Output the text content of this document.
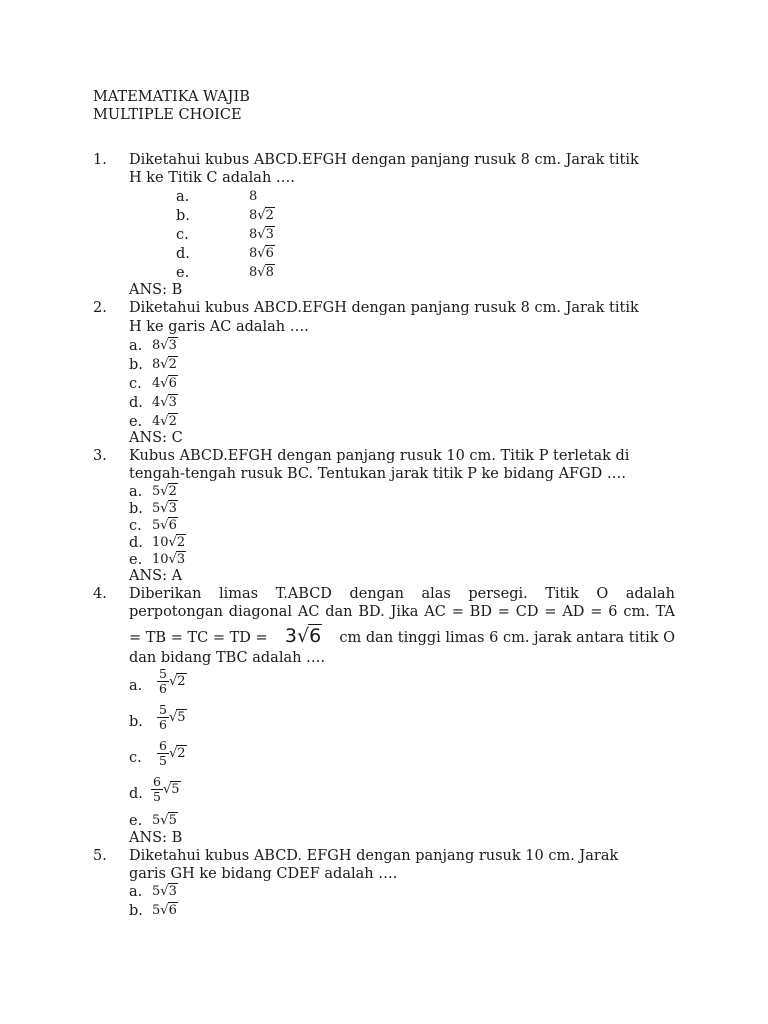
MATEMATIKA WAJIB
MULTIPLE CHOICE
1. Diketahui kubus ABCD.EFGH dengan panjang rusuk 8 cm. Jarak titik
H ke Titik C adalah ….
a.	8
b.	8√2
c.	8√3
d.	8√6
e.	8√8
ANS: B
2. Diketahui kubus ABCD.EFGH dengan panjang rusuk 8 cm. Jarak titik
H ke garis AC adalah ….
a. 8√3
b. 8√2
c. 4√6
d. 4√3
e. 4√2
ANS: C
3. Kubus ABCD.EFGH dengan panjang rusuk 10 cm. Titik P terletak di
tengah-tengah rusuk BC. Tentukan jarak titik P ke bidang AFGD ….
a. 5√2
b. 5√3
c. 5√6
d. 10√2
e. 10√3
ANS: A
4. Diberikan limas T.ABCD dengan alas persegi. Titik O adalah
perpotongan diagonal AC dan BD. Jika AC = BD = CD = AD = 6 cm. TA
= TB = TC = TD = 3√6 cm dan tinggi limas 6 cm. jarak antara titik O
dan bidang TBC adalah ….
a. $\frac{5}{6} √2$
b. $\frac{5}{6} √5$
c. $\frac{6}{5} √2$
d. $\frac{6}{5} √5$
e. 5√5
ANS: B
5. Diketahui kubus ABCD. EFGH dengan panjang rusuk 10 cm. Jarak
garis GH ke bidang CDEF adalah ….
a. 5√3
b. 5√6
